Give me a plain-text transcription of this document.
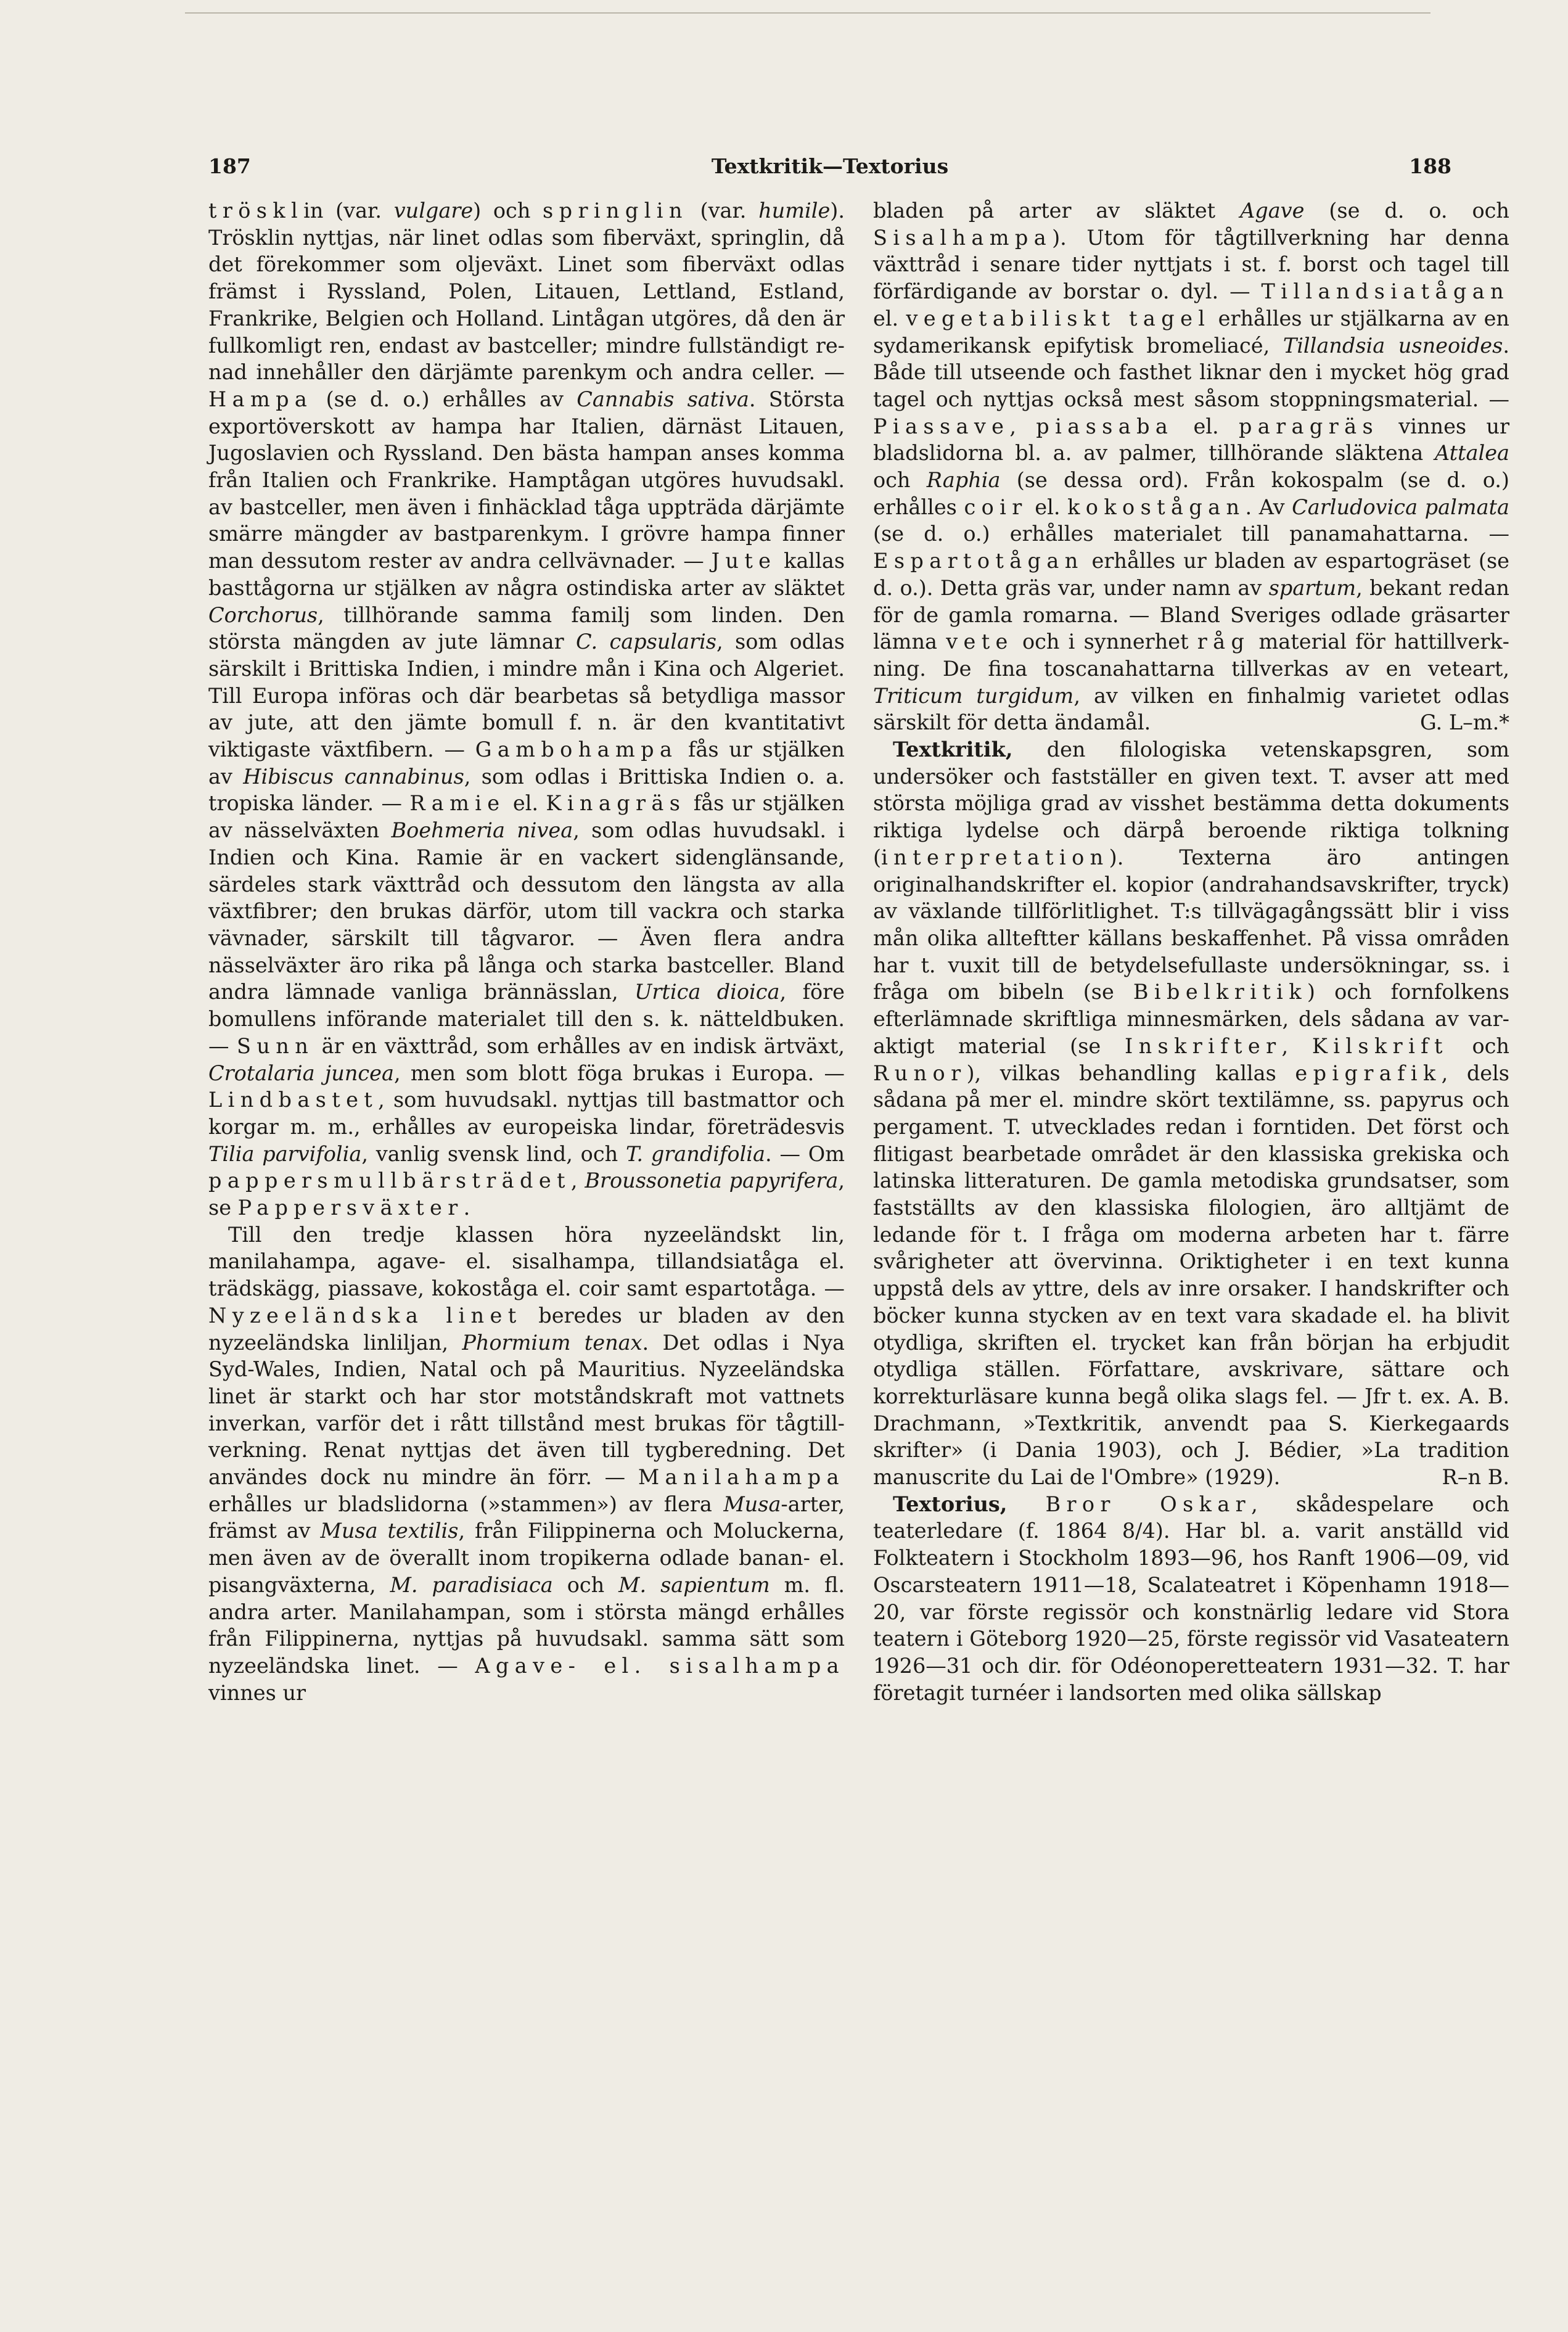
187	Textkritik—Textorius	188

trösklin (var. vulgare) och springlin (var. humile). Trösklin nyttjas, när linet odlas som fiberväxt, springlin, då det förekommer som oljeväxt. Linet som fiberväxt odlas främst i Ryssland, Polen, Litauen, Lettland, Estland, Frankrike, Belgien och Holland. Lintågan utgöres, då den är fullkomligt ren, endast av bastceller; mindre fullständigt renad innehåller den därjämte parenkym och andra celler. — Hampa (se d. o.) erhålles av Cannabis sativa. Största exportöverskott av hampa har Italien, därnäst Litauen, Jugoslavien och Ryssland. Den bästa hampan anses komma från Italien och Frankrike. Hamptågan utgöres huvudsakl. av bastceller, men även i finhäcklad tåga uppträda därjämte smärre mängder av bastparenkym. I grövre hampa finner man dessutom rester av andra cellvävnader. — Jute kallas basttågorna ur stjälken av några ostindiska arter av släktet Corchorus, tillhörande samma familj som linden. Den största mängden av jute lämnar C. capsularis, som odlas särskilt i Brittiska Indien, i mindre mån i Kina och Algeriet. Till Europa införas och där bearbetas så betydliga massor av jute, att den jämte bomull f. n. är den kvantitativt viktigaste växtfibern. — Gambohampa fås ur stjälken av Hibiscus cannabinus, som odlas i Brittiska Indien o. a. tropiska länder. — Ramie el. Kinagräs fås ur stjälken av nässelväxten Boehmeria nivea, som odlas huvudsakl. i Indien och Kina. Ramie är en vackert sidenglänsande, särdeles stark växttråd och dessutom den längsta av alla växtfibrer; den brukas därför, utom till vackra och starka vävnader, särskilt till tågvaror. — Även flera andra nässelväxter äro rika på långa och starka bastceller. Bland andra lämnade vanliga brännässlan, Urtica dioica, före bomullens införande materialet till den s. k. nätteldbuken. — Sunn är en växttråd, som erhålles av en indisk ärtväxt, Crotalaria juncea, men som blott föga brukas i Europa. — Lindbastet, som huvudsakl. nyttjas till bastmattor och korgar m. m., erhålles av europeiska lindar, företrädesvis Tilia parvifolia, vanlig svensk lind, och T. grandifolia. — Om pappersmullbärsträdet, Broussonetia papyrifera, se Pappersväxter.

Till den tredje klassen höra nyzeeländskt lin, manilahampa, agave- el. sisalhampa, tillandsiatåga el. trädskägg, piassave, kokoståga el. coir samt espartotåga. — Nyzeeländska linet beredes ur bladen av den nyzeeländska linliljan, Phormium tenax. Det odlas i Nya Syd-Wales, Indien, Natal och på Mauritius. Nyzeeländska linet är starkt och har stor motståndskraft mot vattnets inverkan, varför det i rått tillstånd mest brukas för tågtillverkning. Renat nyttjas det även till tygberedning. Det användes dock nu mindre än förr. — Manilahampa erhålles ur bladslidorna (»stammen») av flera Musa-arter, främst av Musa textilis, från Filippinerna och Moluckerna, men även av de överallt inom tropikerna odlade banan- el. pisangväxterna, M. paradisiaca och M. sapientum m. fl. andra arter. Manilahampan, som i största mängd erhålles från Filippinerna, nyttjas på huvudsakl. samma sätt som nyzeeländska linet. — Agave- el. sisalhampa vinnes ur

bladen på arter av släktet Agave (se d. o. och Sisalhampa). Utom för tågtillverkning har denna växttråd i senare tider nyttjats i st. f. borst och tagel till förfärdigande av borstar o. dyl. — Tillandsiatågan el. vegetabiliskt tagel erhålles ur stjälkarna av en sydamerikansk epifytisk bromeliacé, Tillandsia usneoides. Både till utseende och fasthet liknar den i mycket hög grad tagel och nyttjas också mest såsom stoppningsmaterial. — Piassave, piassaba el. paragräs vinnes ur bladslidorna bl. a. av palmer, tillhörande släktena Attalea och Raphia (se dessa ord). Från kokospalm (se d. o.) erhålles coir el. kokostågan. Av Carludovica palmata (se d. o.) erhålles materialet till panamahattarna. — Espartotågan erhålles ur bladen av espartogräset (se d. o.). Detta gräs var, under namn av spartum, bekant redan för de gamla romarna. — Bland Sveriges odlade gräsarter lämna vete och i synnerhet råg material för hattillverkning. De fina toscanahattarna tillverkas av en veteart, Triticum turgidum, av vilken en finhalmig varietet odlas särskilt för detta ändamål.	G. L–m.*

Textkritik, den filologiska vetenskapsgren, som undersöker och fastställer en given text. T. avser att med största möjliga grad av visshet bestämma detta dokuments riktiga lydelse och därpå beroende riktiga tolkning (interpretation). Texterna äro antingen originalhandskrifter el. kopior (andrahandsavskrifter, tryck) av växlande tillförlitlighet. T:s tillvägagångssätt blir i viss mån olika allteftter källans beskaffenhet. På vissa områden har t. vuxit till de betydelsefullaste undersökningar, ss. i fråga om bibeln (se Bibelkritik) och fornfolkens efterlämnade skriftliga minnesmärken, dels sådana av varaktigt material (se Inskrifter, Kilskrift och Runor), vilkas behandling kallas epigrafik, dels sådana på mer el. mindre skört textilämne, ss. papyrus och pergament. T. utvecklades redan i forntiden. Det först och flitigast bearbetade området är den klassiska grekiska och latinska litteraturen. De gamla metodiska grundsatser, som fastställts av den klassiska filologien, äro alltjämt de ledande för t. I fråga om moderna arbeten har t. färre svårigheter att övervinna. Oriktigheter i en text kunna uppstå dels av yttre, dels av inre orsaker. I handskrifter och böcker kunna stycken av en text vara skadade el. ha blivit otydliga, skriften el. trycket kan från början ha erbjudit otydliga ställen. Författare, avskrivare, sättare och korrekturläsare kunna begå olika slags fel. — Jfr t. ex. A. B. Drachmann, »Textkritik, anvendt paa S. Kierkegaards skrifter» (i Dania 1903), och J. Bédier, »La tradition manuscrite du Lai de l'Ombre» (1929).	R–n B.

Textorius, Bror Oskar, skådespelare och teaterledare (f. 1864 8/4). Har bl. a. varit anställd vid Folkteatern i Stockholm 1893—96, hos Ranft 1906—09, vid Oscarsteatern 1911—18, Scalateatret i Köpenhamn 1918—20, var förste regissör och konstnärlig ledare vid Stora teatern i Göteborg 1920—25, förste regissör vid Vasateatern 1926—31 och dir. för Odéonoperetteatern 1931—32. T. har företagit turnéer i landsorten med olika sällskap
